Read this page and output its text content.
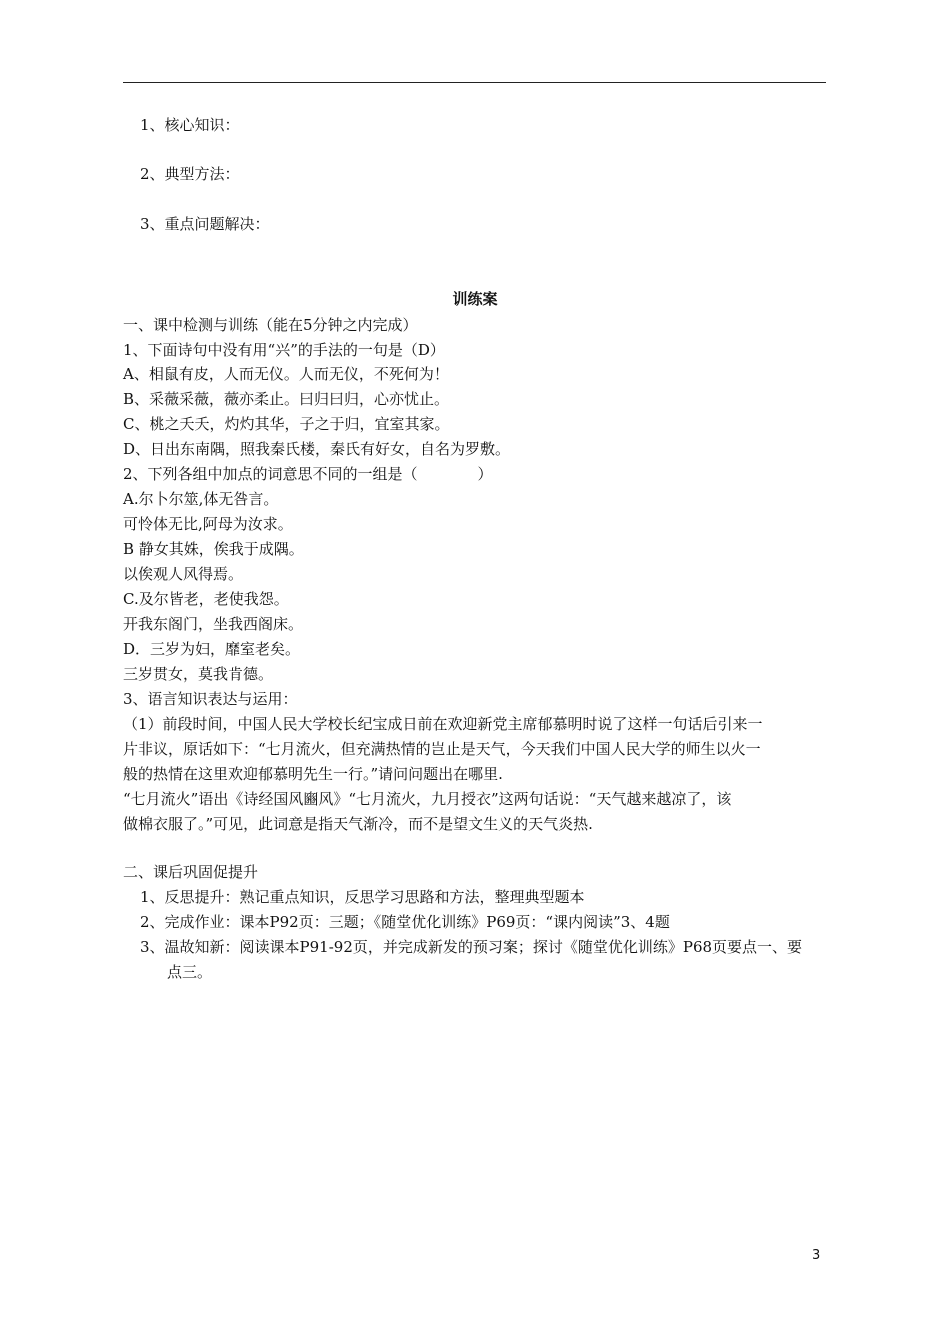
1、核心知识：
2、典型方法：
3、重点问题解决：
训练案
一、课中检测与训练（能在5分钟之内完成）
1、下面诗句中没有用“兴”的手法的一句是（D）
A、相鼠有皮，人而无仪。人而无仪，不死何为！
B、采薇采薇，薇亦柔止。曰归曰归，心亦忧止。
C、桃之夭夭，灼灼其华，子之于归，宜室其家。
D、日出东南隅，照我秦氏楼，秦氏有好女，自名为罗敷。
2、下列各组中加点的词意思不同的一组是（　　　　）
A.尔卜尔筮,体无咎言。
可怜体无比,阿母为汝求。
B 静女其姝，俟我于成隅。
以俟观人风得焉。
C.及尔皆老，老使我怨。
开我东阁门，坐我西阁床。
D．三岁为妇，靡室老矣。
三岁贯女，莫我肯德。
3、语言知识表达与运用：
（1）前段时间，中国人民大学校长纪宝成日前在欢迎新党主席郁慕明时说了这样一句话后引来一
片非议，原话如下：“七月流火，但充满热情的岂止是天气，今天我们中国人民大学的师生以火一
般的热情在这里欢迎郁慕明先生一行。”请问问题出在哪里.
“七月流火”语出《诗经国风豳风》“七月流火，九月授衣”这两句话说：“天气越来越凉了，该
做棉衣服了。”可见，此词意是指天气渐冷，而不是望文生义的天气炎热.
二、课后巩固促提升
1、反思提升：熟记重点知识，反思学习思路和方法，整理典型题本
2、完成作业：课本P92页：三题；《随堂优化训练》P69页：“课内阅读”3、4题
3、温故知新：阅读课本P91-92页，并完成新发的预习案；探讨《随堂优化训练》P68页要点一、要
点三。
3
